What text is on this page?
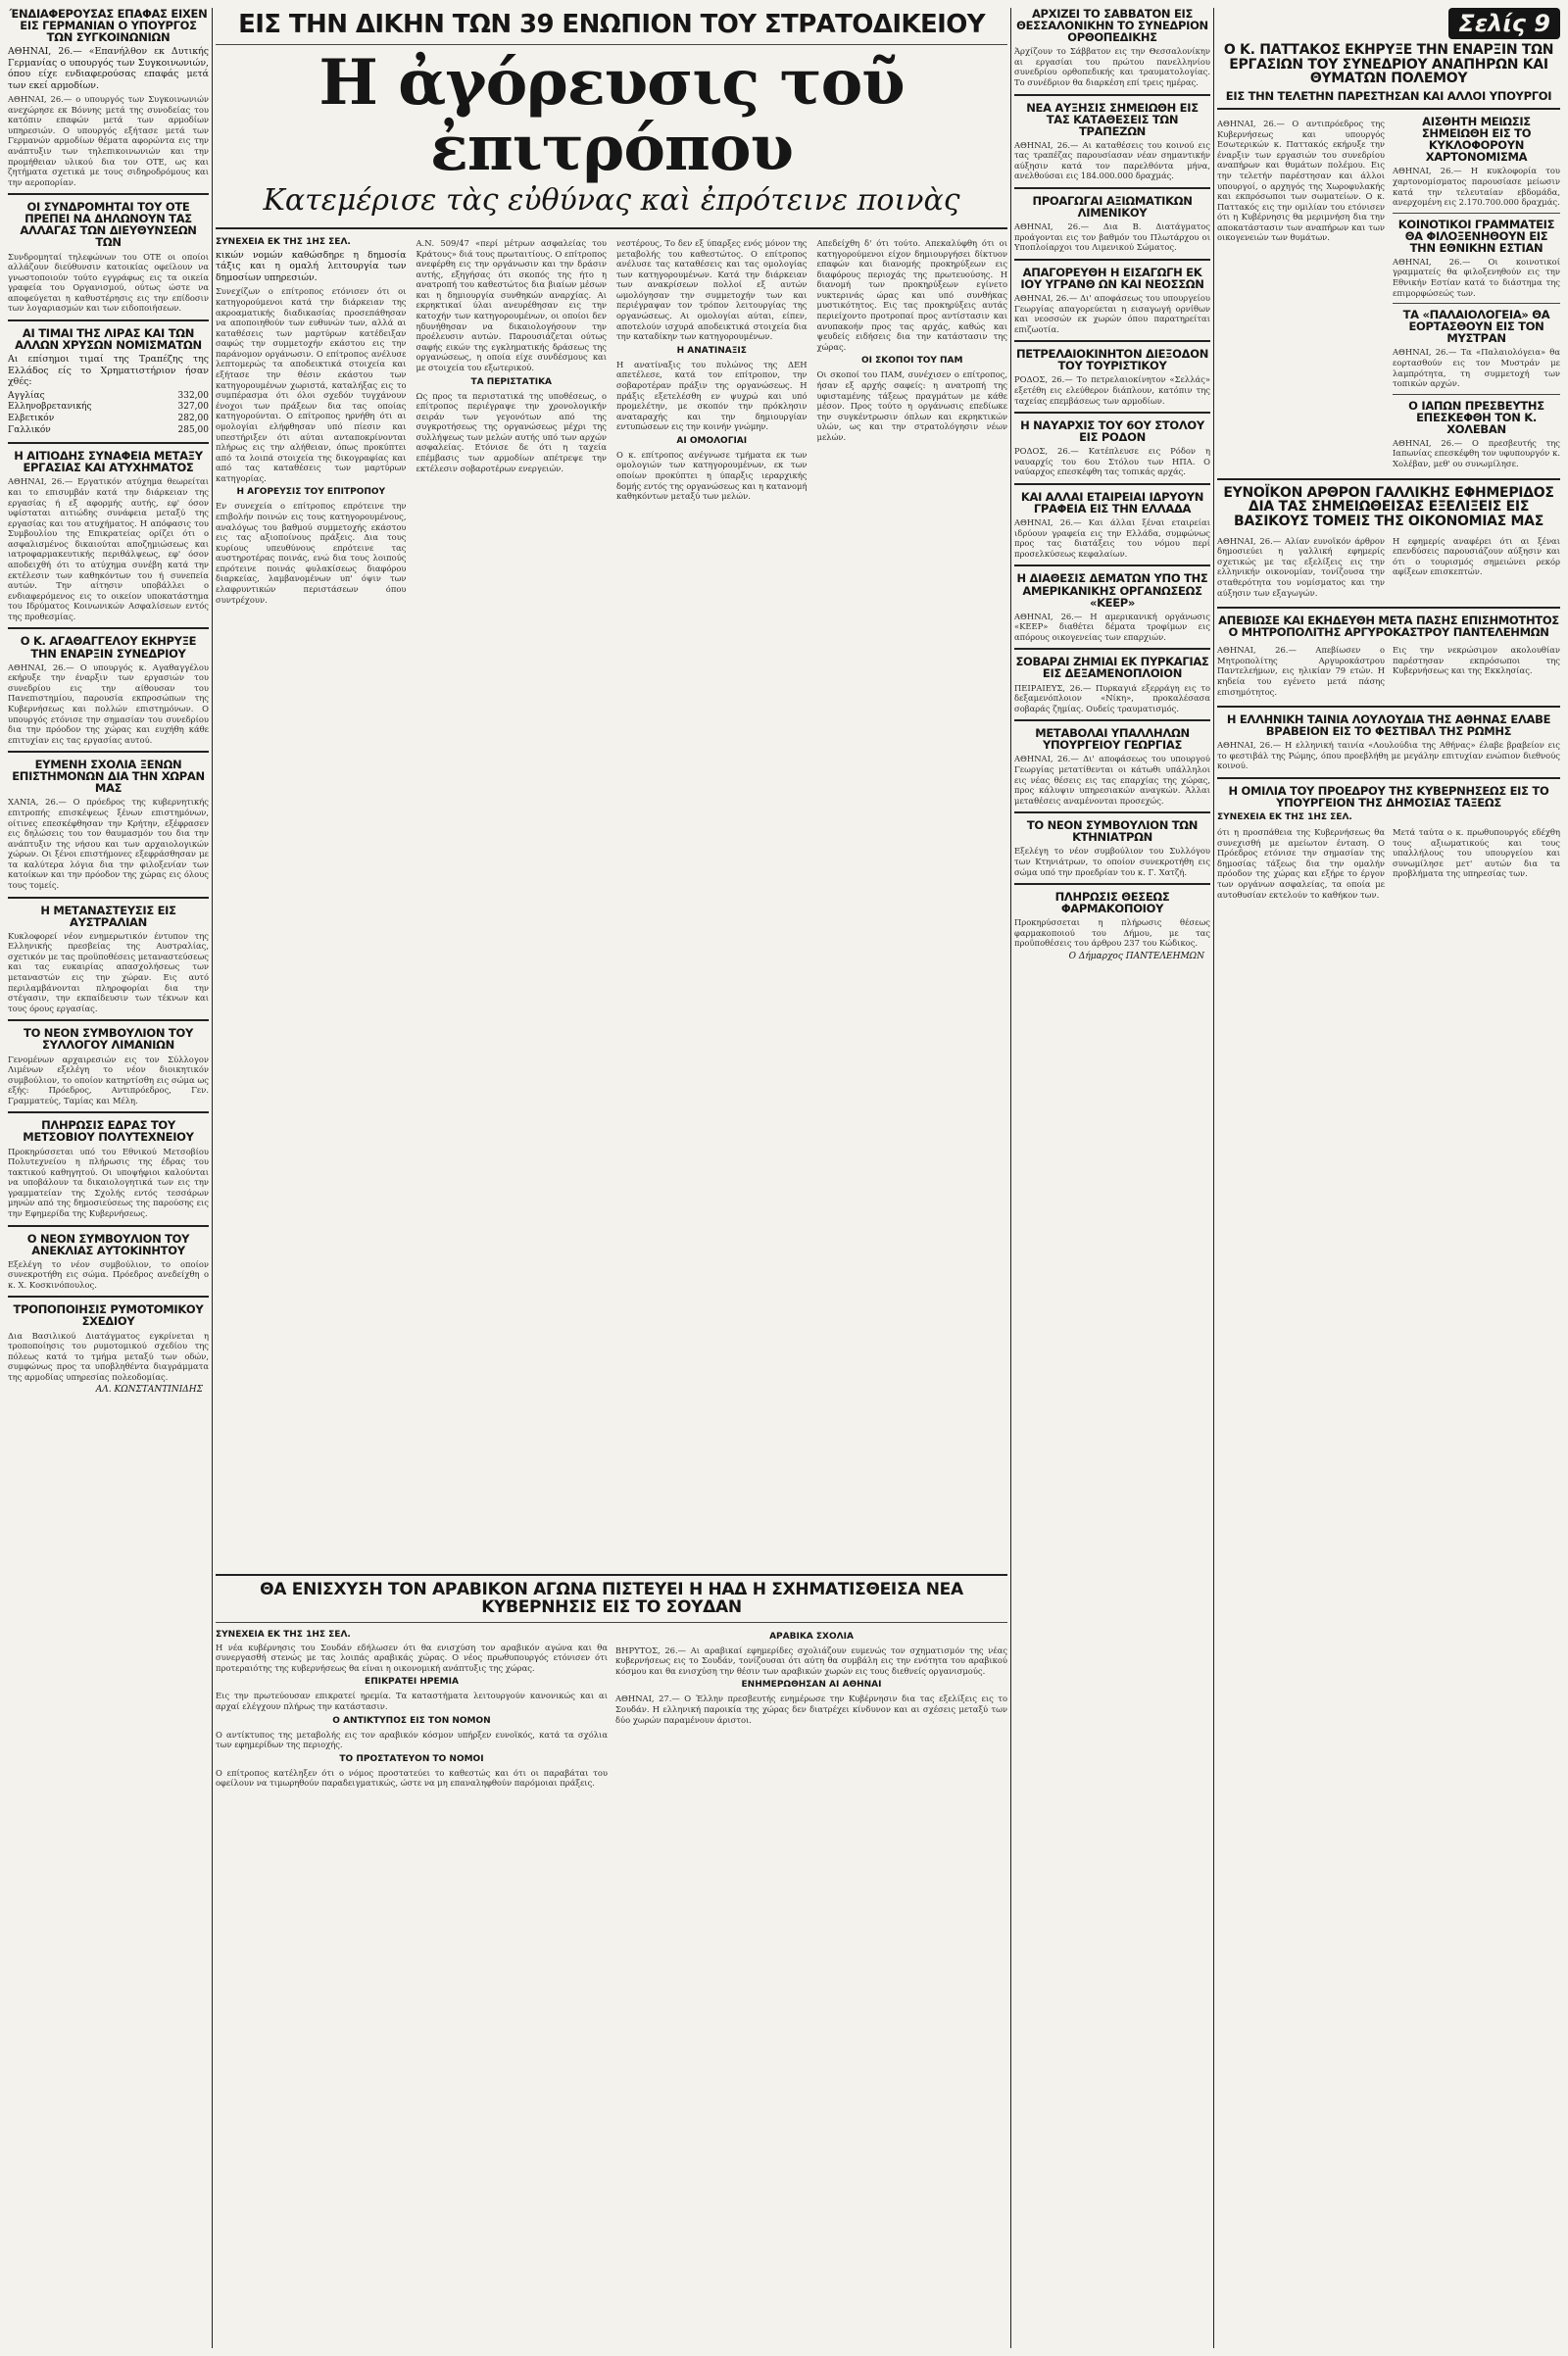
ΈΝΔΙΑΦΕΡΟΥΣΑΣ ΕΠΑΦΑΣ ΕΙΧΕΝ ΕΙΣ ΓΕΡΜΑΝΙΑΝ Ο ΥΠΟΥΡΓΟΣ ΤΩΝ ΣΥΓΚΟΙΝΩΝΙΩΝ
ΑΘΗΝΑΙ, 26.— «Επανήλθον εκ Δυτικής Γερμανίας ο υπουργός των Συγκοινωνιών, όπου είχε ενδιαφερούσας επαφάς μετά των εκεί αρμοδίων.
ΑΘΗΝΑΙ, 26.— ο υπουργός των Συγκοινωνιών ανεχώρησε εκ Βόννης μετά της συνοδείας του κατόπιν επαφών μετά των αρμοδίων υπηρεσιών. Ο υπουργός εξήτασε μετά των Γερμανών αρμοδίων θέματα αφορώντα εις την ανάπτυξιν των τηλεπικοινωνιών και την προμήθειαν υλικού δια τον ΟΤΕ, ως και ζητήματα σχετικά με τους σιδηροδρόμους και την αεροπορίαν.
ΟΙ ΣΥΝΔΡΟΜΗΤΑΙ ΤΟΥ ΟΤΕ ΠΡΕΠΕΙ ΝΑ ΔΗΛΩΝΟΥΝ ΤΑΣ ΑΛΛΑΓΑΣ ΤΩΝ ΔΙΕΥΘΥΝΣΕΩΝ ΤΩΝ
Συνδρομηταί τηλεφώνων του ΟΤΕ οι οποίοι αλλάζουν διεύθυνσιν κατοικίας οφείλουν να γνωστοποιούν τούτο εγγράφως εις τα οικεία γραφεία του Οργανισμού, ούτως ώστε να αποφεύγεται η καθυστέρησις εις την επίδοσιν των λογαριασμών και των ειδοποιήσεων.
ΑΙ ΤΙΜΑΙ ΤΗΣ ΛΙΡΑΣ ΚΑΙ ΤΩΝ ΑΛΛΩΝ ΧΡΥΣΩΝ ΝΟΜΙΣΜΑΤΩΝ
Αι επίσημοι τιμαί της Τραπέζης της Ελλάδος είς το Χρηματιστήριον ήσαν χθές:
Αγγλίας	332,00
Ελληνοβρετανικής	327,00
Ελβετικόν	282,00
Γαλλικόν	285,00
Η ΑΙΤΙΟΔΗΣ ΣΥΝΑΦΕΙΑ ΜΕΤΑΞΥ ΕΡΓΑΣΙΑΣ ΚΑΙ ΑΤΥΧΗΜΑΤΟΣ
ΑΘΗΝΑΙ, 26.— Εργατικόν ατύχημα θεωρείται και το επισυμβάν κατά την διάρκειαν της εργασίας ή εξ αφορμής αυτής, εφ' όσον υφίσταται αιτιώδης συνάφεια μεταξύ της εργασίας και του ατυχήματος. Η απόφασις του Συμβουλίου της Επικρατείας ορίζει ότι ο ασφαλισμένος δικαιούται αποζημιώσεως και ιατροφαρμακευτικής περιθάλψεως, εφ' όσον αποδειχθή ότι το ατύχημα συνέβη κατά την εκτέλεσιν των καθηκόντων του ή συνεπεία αυτών. Την αίτησιν υποβάλλει ο ενδιαφερόμενος εις το οικείον υποκατάστημα του Ιδρύματος Κοινωνικών Ασφαλίσεων εντός της προθεσμίας.
Ο Κ. ΑΓΑΘΑΓΓΕΛΟΥ ΕΚΗΡΥΞΕ ΤΗΝ ΕΝΑΡΞΙΝ ΣΥΝΕΔΡΙΟΥ
ΑΘΗΝΑΙ, 26.— Ο υπουργός κ. Αγαθαγγέλου εκήρυξε την έναρξιν των εργασιών του συνεδρίου εις την αίθουσαν του Πανεπιστημίου, παρουσία εκπροσώπων της Κυβερνήσεως και πολλών επιστημόνων. Ο υπουργός ετόνισε την σημασίαν του συνεδρίου δια την πρόοδον της χώρας και ευχήθη κάθε επιτυχίαν εις τας εργασίας αυτού.
ΕΥΜΕΝΗ ΣΧΟΛΙΑ ΞΕΝΩΝ ΕΠΙΣΤΗΜΟΝΩΝ ΔΙΑ ΤΗΝ ΧΩΡΑΝ ΜΑΣ
ΧΑΝΙΑ, 26.— Ο πρόεδρος της κυβερνητικής επιτροπής επισκέψεως ξένων επιστημόνων, οίτινες επεσκέφθησαν την Κρήτην, εξέφρασεν εις δηλώσεις του τον θαυμασμόν του δια την ανάπτυξιν της νήσου και των αρχαιολογικών χώρων. Οι ξένοι επιστήμονες εξεφράσθησαν με τα καλύτερα λόγια δια την φιλοξενίαν των κατοίκων και την πρόοδον της χώρας εις όλους τους τομείς.
Η ΜΕΤΑΝΑΣΤΕΥΣΙΣ ΕΙΣ ΑΥΣΤΡΑΛΙΑΝ
Κυκλοφορεί νέον ενημερωτικόν έντυπον της Ελληνικής πρεσβείας της Αυστραλίας, σχετικόν με τας προϋποθέσεις μεταναστεύσεως και τας ευκαιρίας απασχολήσεως των μεταναστών εις την χώραν. Εις αυτό περιλαμβάνονται πληροφορίαι δια την στέγασιν, την εκπαίδευσιν των τέκνων και τους όρους εργασίας.
ΤΟ ΝΕΟΝ ΣΥΜΒΟΥΛΙΟΝ ΤΟΥ ΣΥΛΛΟΓΟΥ ΛΙΜΑΝΙΩΝ
Γενομένων αρχαιρεσιών εις τον Σύλλογον Λιμένων εξελέγη το νέον διοικητικόν συμβούλιον, το οποίον κατηρτίσθη εις σώμα ως εξής: Πρόεδρος, Αντιπρόεδρος, Γεν. Γραμματεύς, Ταμίας και Μέλη.
ΠΛΗΡΩΣΙΣ ΕΔΡΑΣ ΤΟΥ ΜΕΤΣΟΒΙΟΥ ΠΟΛΥΤΕΧΝΕΙΟΥ
Προκηρύσσεται υπό του Εθνικού Μετσοβίου Πολυτεχνείου η πλήρωσις της έδρας του τακτικού καθηγητού. Οι υποψήφιοι καλούνται να υποβάλουν τα δικαιολογητικά των εις την γραμματείαν της Σχολής εντός τεσσάρων μηνών από της δημοσιεύσεως της παρούσης εις την Εφημερίδα της Κυβερνήσεως.
Ο ΝΕΟΝ ΣΥΜΒΟΥΛΙΟΝ ΤΟΥ ΑΝΕΚΛΙΑΣ ΑΥΤΟΚΙΝΗΤΟΥ
Εξελέγη το νέον συμβούλιον, το οποίον συνεκροτήθη εις σώμα. Πρόεδρος ανεδείχθη ο κ. Χ. Κοσκινόπουλος.
ΤΡΟΠΟΠΟΙΗΣΙΣ ΡΥΜΟΤΟΜΙΚΟΥ ΣΧΕΔΙΟΥ
Δια Βασιλικού Διατάγματος εγκρίνεται η τροποποίησις του ρυμοτομικού σχεδίου της πόλεως κατά το τμήμα μεταξύ των οδών, συμφώνως προς τα υποβληθέντα διαγράμματα της αρμοδίας υπηρεσίας πολεοδομίας.
ΑΛ. ΚΩΝΣΤΑΝΤΙΝΙΔΗΣ
ΕΙΣ ΤΗΝ ΔΙΚΗΝ ΤΩΝ 39 ΕΝΩΠΙΟΝ ΤΟΥ ΣΤΡΑΤΟΔΙΚΕΙΟΥ
Η ἀγόρευσις τοῦ ἐπιτρόπου
Κατεμέρισε τὰς εὐθύνας καὶ ἐπρότεινε ποινὰς
ΣΥΝΕΧΕΙΑ ΕΚ ΤΗΣ 1ΗΣ ΣΕΛ.
κικών νομών καθώσδηρε η δημοσία τάξις και η ομαλή λειτουργία των δημοσίων υπηρεσιών.
Συνεχίζων ο επίτροπος ετόνισεν ότι οι κατηγορούμενοι κατά την διάρκειαν της ακροαματικής διαδικασίας προσεπάθησαν να αποποιηθούν των ευθυνών των, αλλά αι καταθέσεις των μαρτύρων κατέδειξαν σαφώς την συμμετοχήν εκάστου εις την παράνομον οργάνωσιν. Ο επίτροπος ανέλυσε λεπτομερώς τα αποδεικτικά στοιχεία και εξήτασε την θέσιν εκάστου των κατηγορουμένων χωριστά, καταλήξας εις το συμπέρασμα ότι όλοι σχεδόν τυγχάνουν ένοχοι των πράξεων δια τας οποίας κατηγορούνται. Ο επίτροπος ηρνήθη ότι αι ομολογίαι ελήφθησαν υπό πίεσιν και υπεστήριξεν ότι αύται ανταποκρίνονται πλήρως εις την αλήθειαν, όπως προκύπτει από τα λοιπά στοιχεία της δικογραφίας και από τας καταθέσεις των μαρτύρων κατηγορίας.
Η ΑΓΟΡΕΥΣΙΣ ΤΟΥ ΕΠΙΤΡΟΠΟΥ
Εν συνεχεία ο επίτροπος επρότεινε την επιβολήν ποινών εις τους κατηγορουμένους, αναλόγως του βαθμού συμμετοχής εκάστου εις τας αξιοποίνους πράξεις. Δια τους κυρίους υπευθύνους επρότεινε τας αυστηροτέρας ποινάς, ενώ δια τους λοιπούς επρότεινε ποινάς φυλακίσεως διαφόρου διαρκείας, λαμβανομένων υπ' όψιν των ελαφρυντικών περιστάσεων όπου συντρέχουν.
Α.Ν. 509/47 «περί μέτρων ασφαλείας του Κράτους» διά τους πρωταιτίους. Ο επίτροπος ανεφέρθη εις την οργάνωσιν και την δράσιν αυτής, εξηγήσας ότι σκοπός της ήτο η ανατροπή του καθεστώτος δια βιαίων μέσων και η δημιουργία συνθηκών αναρχίας. Αι εκρηκτικαί ύλαι ανευρέθησαν εις την κατοχήν των κατηγορουμένων, οι οποίοι δεν ηδυνήθησαν να δικαιολογήσουν την προέλευσιν αυτών. Παρουσιάζεται ούτως σαφής εικών της εγκληματικής δράσεως της οργανώσεως, η οποία είχε συνδέσμους και με στοιχεία του εξωτερικού.
ΤΑ ΠΕΡΙΣΤΑΤΙΚΑ
Ως προς τα περιστατικά της υποθέσεως, ο επίτροπος περιέγραψε την χρονολογικήν σειράν των γεγονότων από της συγκροτήσεως της οργανώσεως μέχρι της συλλήψεως των μελών αυτής υπό των αρχών ασφαλείας. Ετόνισε δε ότι η ταχεία επέμβασις των αρμοδίων απέτρεψε την εκτέλεσιν σοβαροτέρων ενεργειών.
νεστέρους, Το δεν εξ ύπαρξες ενός μόνον της μεταβολής του καθεστώτος. Ο επίτροπος ανέλυσε τας καταθέσεις και τας ομολογίας των κατηγορουμένων. Κατά την διάρκειαν των ανακρίσεων πολλοί εξ αυτών ωμολόγησαν την συμμετοχήν των και περιέγραψαν τον τρόπον λειτουργίας της οργανώσεως. Αι ομολογίαι αύται, είπεν, αποτελούν ισχυρά αποδεικτικά στοιχεία δια την καταδίκην των κατηγορουμένων.
Η ΑΝΑΤΙΝΑΞΙΣ
Η ανατίναξις του πυλώνος της ΔΕΗ απετέλεσε, κατά τον επίτροπον, την σοβαροτέραν πράξιν της οργανώσεως. Η πράξις εξετελέσθη εν ψυχρώ και υπό προμελέτην, με σκοπόν την πρόκλησιν αναταραχής και την δημιουργίαν εντυπώσεων εις την κοινήν γνώμην.
ΑΙ ΟΜΟΛΟΓΙΑΙ
Ο κ. επίτροπος ανέγνωσε τμήματα εκ των ομολογιών των κατηγορουμένων, εκ των οποίων προκύπτει η ύπαρξις ιεραρχικής δομής εντός της οργανώσεως και η κατανομή καθηκόντων μεταξύ των μελών.
Απεδείχθη δ' ότι τούτο. Απεκαλύφθη ότι οι κατηγορούμενοι είχον δημιουργήσει δίκτυον επαφών και διανομής προκηρύξεων εις διαφόρους περιοχάς της πρωτευούσης. Η διανομή των προκηρύξεων εγίνετο νυκτερινάς ώρας και υπό συνθήκας μυστικότητος. Εις τας προκηρύξεις αυτάς περιείχοντο προτροπαί προς αντίστασιν και ανυπακοήν προς τας αρχάς, καθώς και ψευδείς ειδήσεις δια την κατάστασιν της χώρας.
ΟΙ ΣΚΟΠΟΙ ΤΟΥ ΠΑΜ
Οι σκοποί του ΠΑΜ, συνέχισεν ο επίτροπος, ήσαν εξ αρχής σαφείς: η ανατροπή της υφισταμένης τάξεως πραγμάτων με κάθε μέσον. Προς τούτο η οργάνωσις επεδίωκε την συγκέντρωσιν όπλων και εκρηκτικών υλών, ως και την στρατολόγησιν νέων μελών.
ΑΡΧΙΖΕΙ ΤΟ ΣΑΒΒΑΤΟΝ ΕΙΣ ΘΕΣΣΑΛΟΝΙΚΗΝ ΤΟ ΣΥΝΕΔΡΙΟΝ ΟΡΘΟΠΕΔΙΚΗΣ
Άρχίζουν το Σάββατον εις την Θεσσαλονίκην αι εργασίαι του πρώτου πανελληνίου συνεδρίου ορθοπεδικής και τραυματολογίας. Το συνέδριον θα διαρκέση επί τρεις ημέρας.
ΝΕΑ ΑΥΞΗΣΙΣ ΣΗΜΕΙΩΘΗ ΕΙΣ ΤΑΣ ΚΑΤΑΘΕΣΕΙΣ ΤΩΝ ΤΡΑΠΕΖΩΝ
ΑΘΗΝΑΙ, 26.— Αι καταθέσεις του κοινού εις τας τραπέζας παρουσίασαν νέαν σημαντικήν αύξησιν κατά τον παρελθόντα μήνα, ανελθούσαι εις 184.000.000 δραχμάς.
ΠΡΟΑΓΩΓΑΙ ΑΞΙΩΜΑΤΙΚΩΝ ΛΙΜΕΝΙΚΟΥ
ΑΘΗΝΑΙ, 26.— Δια Β. Διατάγματος προάγονται εις τον βαθμόν του Πλωτάρχου οι Υποπλοίαρχοι του Λιμενικού Σώματος.
ΑΠΑΓΟΡΕΥΘΗ Η ΕΙΣΑΓΩΓΗ ΕΚ ΙΟΥ ΥΓΡΑΝΘ ΩΝ ΚΑΙ ΝΕΟΣΣΩΝ
ΑΘΗΝΑΙ, 26.— Δι' αποφάσεως του υπουργείου Γεωργίας απαγορεύεται η εισαγωγή ορνίθων και νεοσσών εκ χωρών όπου παρατηρείται επιζωοτία.
ΠΕΤΡΕΛΑΙΟΚΙΝΗΤΟΝ ΔΙΕΞΟΔΟΝ ΤΟΥ ΤΟΥΡΙΣΤΙΚΟΥ
ΡΟΔΟΣ, 26.— Το πετρελαιοκίνητον «Σελλάς» εξετέθη εις ελεύθερον διάπλουν, κατόπιν της ταχείας επεμβάσεως των αρμοδίων.
Η ΝΑΥΑΡΧΙΣ ΤΟΥ 6ΟΥ ΣΤΟΛΟΥ ΕΙΣ ΡΟΔΟΝ
ΡΟΔΟΣ, 26.— Κατέπλευσε εις Ρόδον η ναυαρχίς του 6ου Στόλου των ΗΠΑ. Ο ναύαρχος επεσκέφθη τας τοπικάς αρχάς.
ΚΑΙ ΑΛΛΑΙ ΕΤΑΙΡΕΙΑΙ ΙΔΡΥΟΥΝ ΓΡΑΦΕΙΑ ΕΙΣ ΤΗΝ ΕΛΛΑΔΑ
ΑΘΗΝΑΙ, 26.— Και άλλαι ξέναι εταιρείαι ιδρύουν γραφεία εις την Ελλάδα, συμφώνως προς τας διατάξεις του νόμου περί προσελκύσεως κεφαλαίων.
Η ΔΙΑΘΕΣΙΣ ΔΕΜΑΤΩΝ ΥΠΟ ΤΗΣ ΑΜΕΡΙΚΑΝΙΚΗΣ ΟΡΓΑΝΩΣΕΩΣ «ΚΕΕΡ»
ΑΘΗΝΑΙ, 26.— Η αμερικανική οργάνωσις «ΚΕΕΡ» διαθέτει δέματα τροφίμων εις απόρους οικογενείας των επαρχιών.
ΣΟΒΑΡΑΙ ΖΗΜΙΑΙ ΕΚ ΠΥΡΚΑΓΙΑΣ ΕΙΣ ΔΕΞΑΜΕΝΟΠΛΟΙΟΝ
ΠΕΙΡΑΙΕΥΣ, 26.— Πυρκαγιά εξερράγη εις το δεξαμενόπλοιον «Νίκη», προκαλέσασα σοβαράς ζημίας. Ουδείς τραυματισμός.
ΜΕΤΑΒΟΛΑΙ ΥΠΑΛΛΗΛΩΝ ΥΠΟΥΡΓΕΙΟΥ ΓΕΩΡΓΙΑΣ
ΑΘΗΝΑΙ, 26.— Δι' αποφάσεως του υπουργού Γεωργίας μετατίθενται οι κάτωθι υπάλληλοι εις νέας θέσεις εις τας επαρχίας της χώρας, προς κάλυψιν υπηρεσιακών αναγκών. Άλλαι μεταθέσεις αναμένονται προσεχώς.
ΤΟ ΝΕΟΝ ΣΥΜΒΟΥΛΙΟΝ ΤΩΝ ΚΤΗΝΙΑΤΡΩΝ
Εξελέγη το νέον συμβούλιον του Συλλόγου των Κτηνιάτρων, το οποίον συνεκροτήθη εις σώμα υπό την προεδρίαν του κ. Γ. Χατζή.
ΠΛΗΡΩΣΙΣ ΘΕΣΕΩΣ ΦΑΡΜΑΚΟΠΟΙΟΥ
Προκηρύσσεται η πλήρωσις θέσεως φαρμακοποιού του Δήμου, με τας προϋποθέσεις του άρθρου 237 του Κώδικος.
Ο Δήμαρχος ΠΑΝΤΕΛΕΗΜΩΝ
Σελίς 9
Ο Κ. ΠΑΤΤΑΚΟΣ ΕΚΗΡΥΞΕ ΤΗΝ ΕΝΑΡΞΙΝ ΤΩΝ ΕΡΓΑΣΙΩΝ ΤΟΥ ΣΥΝΕΔΡΙΟΥ ΑΝΑΠΗΡΩΝ ΚΑΙ ΘΥΜΑΤΩΝ ΠΟΛΕΜΟΥ
ΕΙΣ ΤΗΝ ΤΕΛΕΤΗΝ ΠΑΡΕΣΤΗΣΑΝ ΚΑΙ ΑΛΛΟΙ ΥΠΟΥΡΓΟΙ
ΑΘΗΝΑΙ, 26.— Ο αντιπρόεδρος της Κυβερνήσεως και υπουργός Εσωτερικών κ. Παττακός εκήρυξε την έναρξιν των εργασιών του συνεδρίου αναπήρων και θυμάτων πολέμου. Εις την τελετήν παρέστησαν και άλλοι υπουργοί, ο αρχηγός της Χωροφυλακής και εκπρόσωποι των σωματείων. Ο κ. Παττακός εις την ομιλίαν του ετόνισεν ότι η Κυβέρνησις θα μεριμνήση δια την αποκατάστασιν των αναπήρων και των οικογενειών των θυμάτων.
ΑΙΣΘΗΤΗ ΜΕΙΩΣΙΣ ΣΗΜΕΙΩΘΗ ΕΙΣ ΤΟ ΚΥΚΛΟΦΟΡΟΥΝ ΧΑΡΤΟΝΟΜΙΣΜΑ
ΑΘΗΝΑΙ, 26.— Η κυκλοφορία του χαρτονομίσματος παρουσίασε μείωσιν κατά την τελευταίαν εβδομάδα, ανερχομένη εις 2.170.700.000 δραχμάς.
ΚΟΙΝΟΤΙΚΟΙ ΓΡΑΜΜΑΤΕΙΣ ΘΑ ΦΙΛΟΞΕΝΗΘΟΥΝ ΕΙΣ ΤΗΝ ΕΘΝΙΚΗΝ ΕΣΤΙΑΝ
ΑΘΗΝΑΙ, 26.— Οι κοινοτικοί γραμματείς θα φιλοξενηθούν εις την Εθνικήν Εστίαν κατά το διάστημα της επιμορφώσεώς των.
ΤΑ «ΠΑΛΑΙΟΛΟΓΕΙΑ» ΘΑ ΕΟΡΤΑΣΘΟΥΝ ΕΙΣ ΤΟΝ ΜΥΣΤΡΑΝ
ΑΘΗΝΑΙ, 26.— Τα «Παλαιολόγεια» θα εορτασθούν εις τον Μυστράν με λαμπρότητα, τη συμμετοχή των τοπικών αρχών.
Ο ΙΑΠΩΝ ΠΡΕΣΒΕΥΤΗΣ ΕΠΕΣΚΕΦΘΗ ΤΟΝ Κ. ΧΟΛΕΒΑΝ
ΑΘΗΝΑΙ, 26.— Ο πρεσβευτής της Ιαπωνίας επεσκέφθη τον υφυπουργόν κ. Χολέβαν, μεθ' ου συνωμίλησε.
ΕΥΝΟΪΚΟΝ ΑΡΘΡΟΝ ΓΑΛΛΙΚΗΣ ΕΦΗΜΕΡΙΔΟΣ ΔΙΑ ΤΑΣ ΣΗΜΕΙΩΘΕΙΣΑΣ ΕΞΕΛΙΞΕΙΣ ΕΙΣ ΒΑΣΙΚΟΥΣ ΤΟΜΕΙΣ ΤΗΣ ΟΙΚΟΝΟΜΙΑΣ ΜΑΣ
ΑΘΗΝΑΙ, 26.— Αλίαν ευνοϊκόν άρθρον δημοσιεύει η γαλλική εφημερίς σχετικώς με τας εξελίξεις εις την ελληνικήν οικονομίαν, τονίζουσα την σταθερότητα του νομίσματος και την αύξησιν των εξαγωγών.
Η εφημερίς αναφέρει ότι αι ξέναι επενδύσεις παρουσιάζουν αύξησιν και ότι ο τουρισμός σημειώνει ρεκόρ αφίξεων επισκεπτών.
ΑΠΕΒΙΩΣΕ ΚΑΙ ΕΚΗΔΕΥΘΗ ΜΕΤΑ ΠΑΣΗΣ ΕΠΙΣΗΜΟΤΗΤΟΣ Ο ΜΗΤΡΟΠΟΛΙΤΗΣ ΑΡΓΥΡΟΚΑΣΤΡΟΥ ΠΑΝΤΕΛΕΗΜΩΝ
ΑΘΗΝΑΙ, 26.— Απεβίωσεν ο Μητροπολίτης Αργυροκάστρου Παντελεήμων, εις ηλικίαν 79 ετών. Η κηδεία του εγένετο μετά πάσης επισημότητος.
Εις την νεκρώσιμον ακολουθίαν παρέστησαν εκπρόσωποι της Κυβερνήσεως και της Εκκλησίας.
Η ΕΛΛΗΝΙΚΗ ΤΑΙΝΙΑ ΛΟΥΛΟΥΔΙΑ ΤΗΣ ΑΘΗΝΑΣ ΕΛΑΒΕ ΒΡΑΒΕΙΟΝ ΕΙΣ ΤΟ ΦΕΣΤΙΒΑΛ ΤΗΣ ΡΩΜΗΣ
ΑΘΗΝΑΙ, 26.— Η ελληνική ταινία «Λουλούδια της Αθήνας» έλαβε βραβείον εις το φεστιβάλ της Ρώμης, όπου προεβλήθη με μεγάλην επιτυχίαν ενώπιον διεθνούς κοινού.
Η ΟΜΙΛΙΑ ΤΟΥ ΠΡΟΕΔΡΟΥ ΤΗΣ ΚΥΒΕΡΝΗΣΕΩΣ ΕΙΣ ΤΟ ΥΠΟΥΡΓΕΙΟΝ ΤΗΣ ΔΗΜΟΣΙΑΣ ΤΑΞΕΩΣ
ΣΥΝΕΧΕΙΑ ΕΚ ΤΗΣ 1ΗΣ ΣΕΛ.
ότι η προσπάθεια της Κυβερνήσεως θα συνεχισθή με αμείωτον ένταση. Ο Πρόεδρος ετόνισε την σημασίαν της δημοσίας τάξεως δια την ομαλήν πρόοδον της χώρας και εξήρε το έργον των οργάνων ασφαλείας, τα οποία με αυτοθυσίαν εκτελούν το καθήκον των.
Μετά ταύτα ο κ. πρωθυπουργός εδέχθη τους αξιωματικούς και τους υπαλλήλους του υπουργείου και συνωμίλησε μετ' αυτών δια τα προβλήματα της υπηρεσίας των.
ΘΑ ΕΝΙΣΧΥΣΗ ΤΟΝ ΑΡΑΒΙΚΟΝ ΑΓΩΝΑ ΠΙΣΤΕΥΕΙ Η ΗΑΔ Η ΣΧΗΜΑΤΙΣΘΕΙΣΑ ΝΕΑ ΚΥΒΕΡΝΗΣΙΣ ΕΙΣ ΤΟ ΣΟΥΔΑΝ
ΣΥΝΕΧΕΙΑ ΕΚ ΤΗΣ 1ΗΣ ΣΕΛ.
Η νέα κυβέρνησις του Σουδάν εδήλωσεν ότι θα ενισχύση τον αραβικόν αγώνα και θα συνεργασθή στενώς με τας λοιπάς αραβικάς χώρας. Ο νέος πρωθυπουργός ετόνισεν ότι προτεραιότης της κυβερνήσεως θα είναι η οικονομική ανάπτυξις της χώρας.
ΕΠΙΚΡΑΤΕΙ ΗΡΕΜΙΑ
Εις την πρωτεύουσαν επικρατεί ηρεμία. Τα καταστήματα λειτουργούν κανονικώς και αι αρχαί ελέγχουν πλήρως την κατάστασιν.
Ο ΑΝΤΙΚΤΥΠΟΣ ΕΙΣ ΤΟΝ ΝΟΜΟΝ
Ο αντίκτυπος της μεταβολής εις τον αραβικόν κόσμον υπήρξεν ευνοϊκός, κατά τα σχόλια των εφημερίδων της περιοχής.
ΤΟ ΠΡΟΣΤΑΤΕΥΟΝ ΤΟ ΝΟΜΟΙ
Ο επίτροπος κατέληξεν ότι ο νόμος προστατεύει το καθεστώς και ότι οι παραβάται του οφείλουν να τιμωρηθούν παραδειγματικώς, ώστε να μη επαναληφθούν παρόμοιαι πράξεις.
ΑΡΑΒΙΚΑ ΣΧΟΛΙΑ
ΒΗΡΥΤΟΣ, 26.— Αι αραβικαί εφημερίδες σχολιάζουν ευμενώς τον σχηματισμόν της νέας κυβερνήσεως εις το Σουδάν, τονίζουσαι ότι αύτη θα συμβάλη εις την ενότητα του αραβικού κόσμου και θα ενισχύση την θέσιν των αραβικών χωρών εις τους διεθνείς οργανισμούς.
ΕΝΗΜΕΡΩΘΗΣΑΝ ΑΙ ΑΘΗΝΑΙ
ΑΘΗΝΑΙ, 27.— Ο Έλλην πρεσβευτής ενημέρωσε την Κυβέρνησιν δια τας εξελίξεις εις το Σουδάν. Η ελληνική παροικία της χώρας δεν διατρέχει κίνδυνον και αι σχέσεις μεταξύ των δύο χωρών παραμένουν άριστοι.
